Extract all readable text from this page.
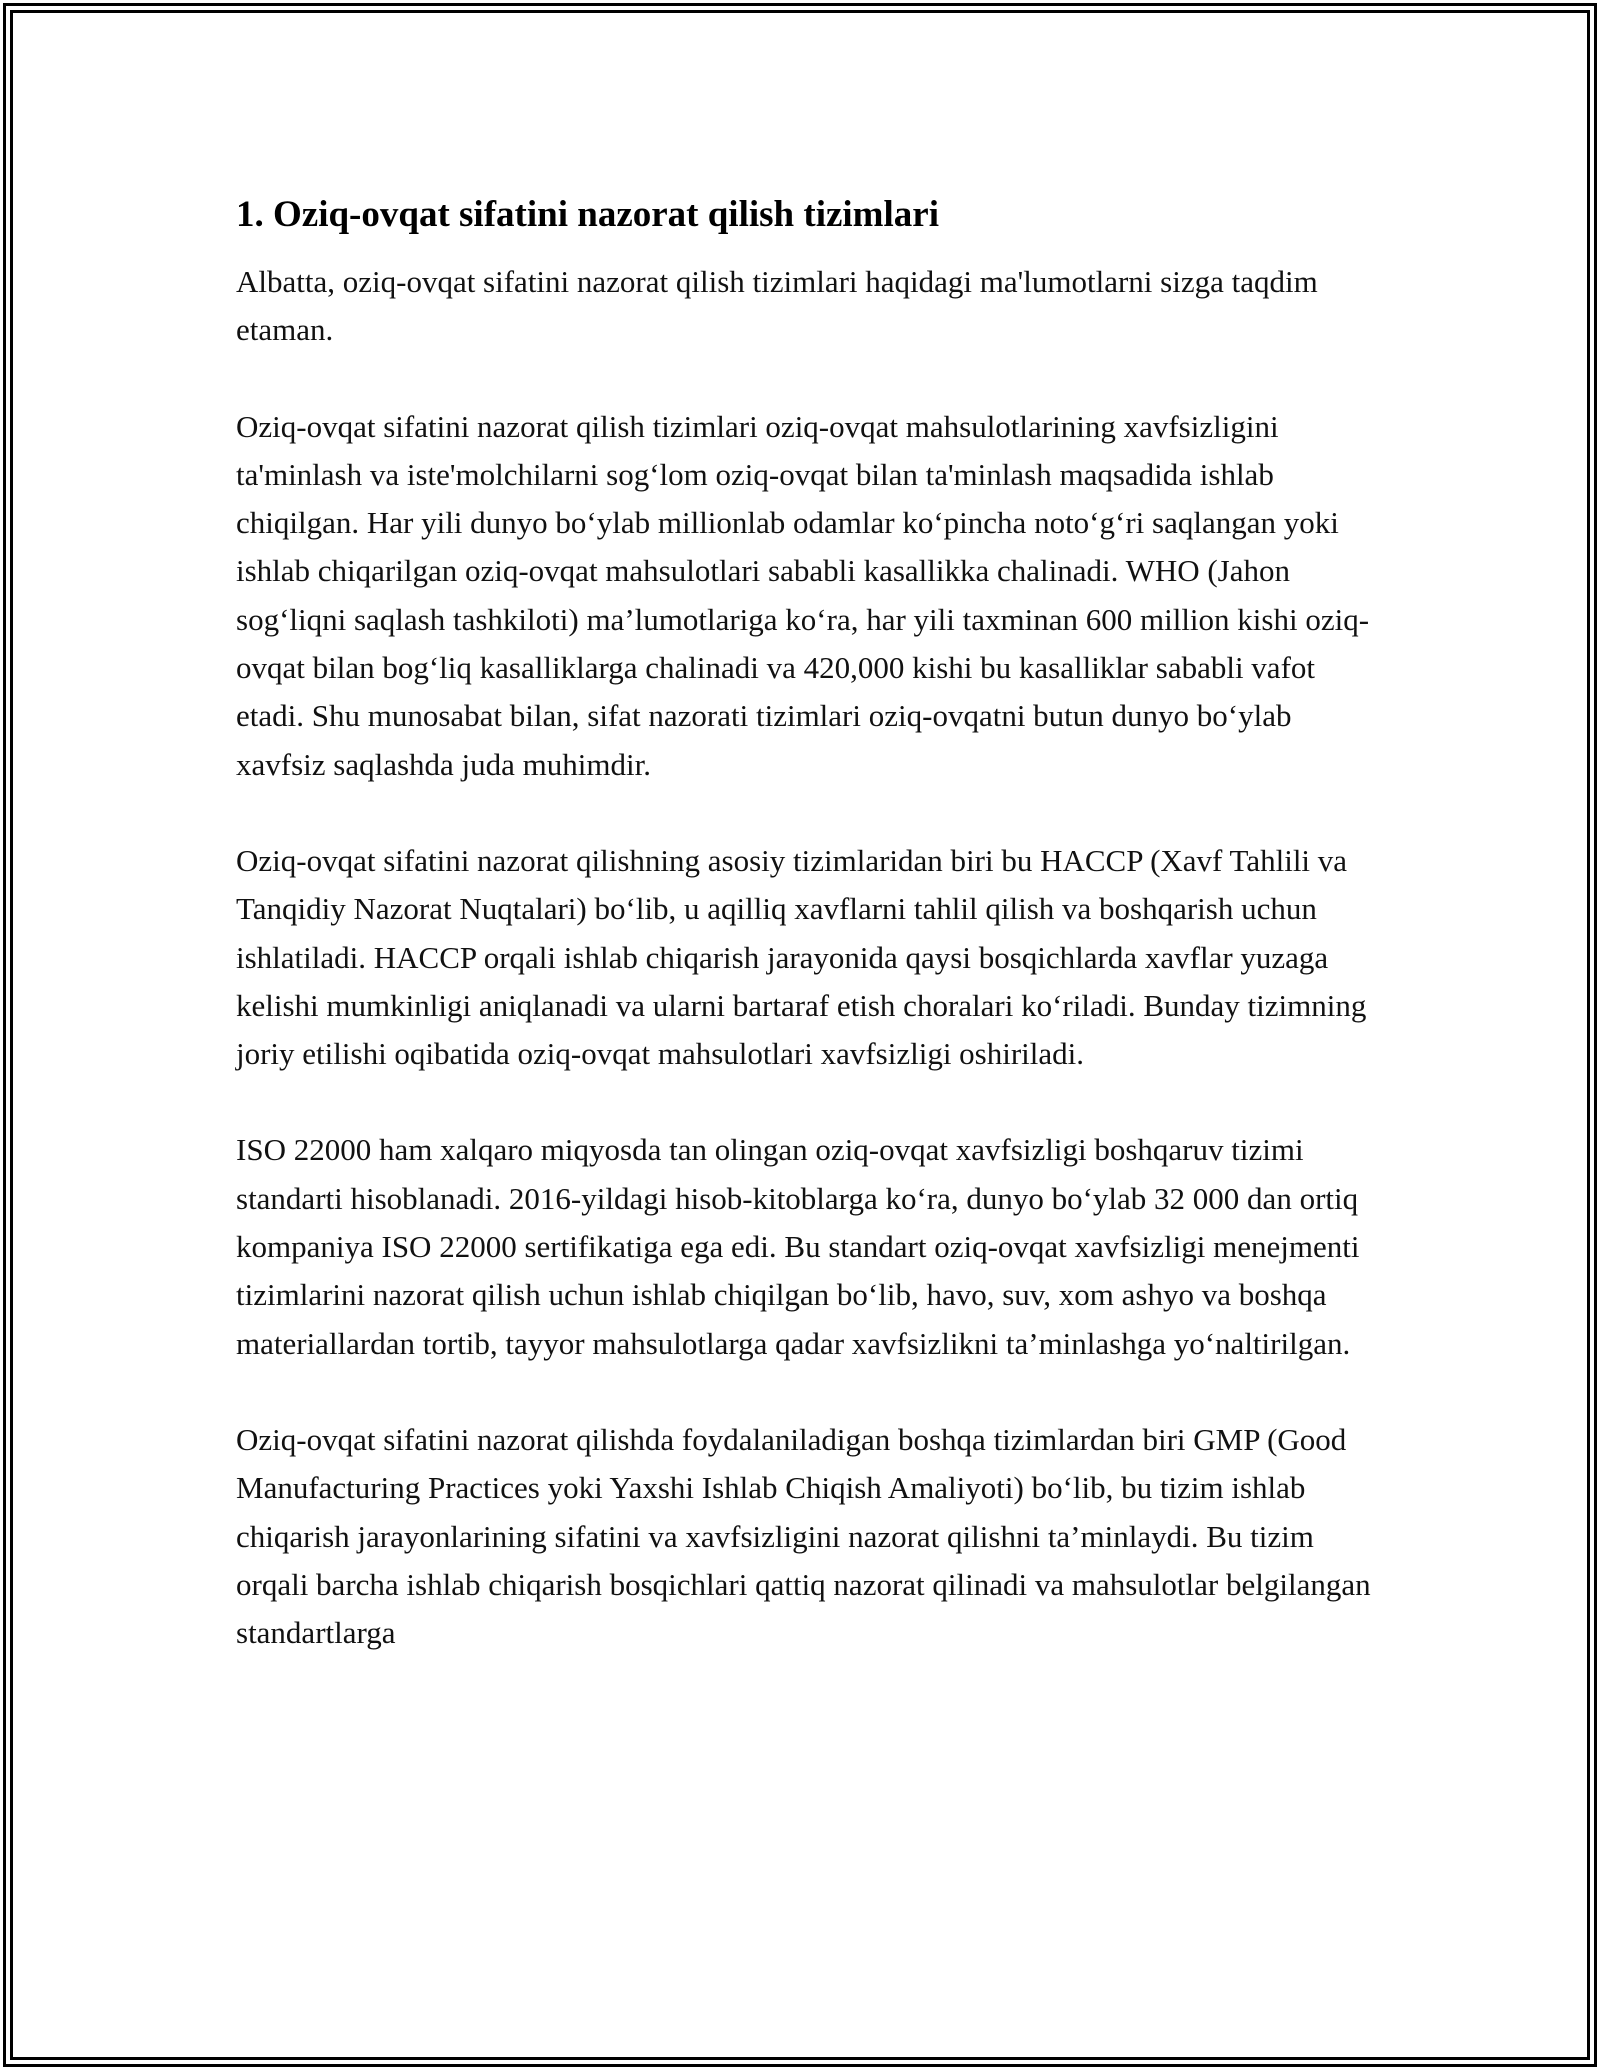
1. Oziq-ovqat sifatini nazorat qilish tizimlari

Albatta, oziq-ovqat sifatini nazorat qilish tizimlari haqidagi ma'lumotlarni sizga taqdim etaman.

Oziq-ovqat sifatini nazorat qilish tizimlari oziq-ovqat mahsulotlarining xavfsizligini ta'minlash va iste'molchilarni sog‘lom oziq-ovqat bilan ta'minlash maqsadida ishlab chiqilgan. Har yili dunyo bo‘ylab millionlab odamlar ko‘pincha noto‘g‘ri saqlangan yoki ishlab chiqarilgan oziq-ovqat mahsulotlari sababli kasallikka chalinadi. WHO (Jahon sog‘liqni saqlash tashkiloti) ma’lumotlariga ko‘ra, har yili taxminan 600 million kishi oziq-ovqat bilan bog‘liq kasalliklarga chalinadi va 420,000 kishi bu kasalliklar sababli vafot etadi. Shu munosabat bilan, sifat nazorati tizimlari oziq-ovqatni butun dunyo bo‘ylab xavfsiz saqlashda juda muhimdir.

Oziq-ovqat sifatini nazorat qilishning asosiy tizimlaridan biri bu HACCP (Xavf Tahlili va Tanqidiy Nazorat Nuqtalari) bo‘lib, u aqilliq xavflarni tahlil qilish va boshqarish uchun ishlatiladi. HACCP orqali ishlab chiqarish jarayonida qaysi bosqichlarda xavflar yuzaga kelishi mumkinligi aniqlanadi va ularni bartaraf etish choralari ko‘riladi. Bunday tizimning joriy etilishi oqibatida oziq-ovqat mahsulotlari xavfsizligi oshiriladi.

ISO 22000 ham xalqaro miqyosda tan olingan oziq-ovqat xavfsizligi boshqaruv tizimi standarti hisoblanadi. 2016-yildagi hisob-kitoblarga ko‘ra, dunyo bo‘ylab 32 000 dan ortiq kompaniya ISO 22000 sertifikatiga ega edi. Bu standart oziq-ovqat xavfsizligi menejmenti tizimlarini nazorat qilish uchun ishlab chiqilgan bo‘lib, havo, suv, xom ashyo va boshqa materiallardan tortib, tayyor mahsulotlarga qadar xavfsizlikni ta’minlashga yo‘naltirilgan.

Oziq-ovqat sifatini nazorat qilishda foydalaniladigan boshqa tizimlardan biri GMP (Good Manufacturing Practices yoki Yaxshi Ishlab Chiqish Amaliyoti) bo‘lib, bu tizim ishlab chiqarish jarayonlarining sifatini va xavfsizligini nazorat qilishni ta’minlaydi. Bu tizim orqali barcha ishlab chiqarish bosqichlari qattiq nazorat qilinadi va mahsulotlar belgilangan standartlarga
